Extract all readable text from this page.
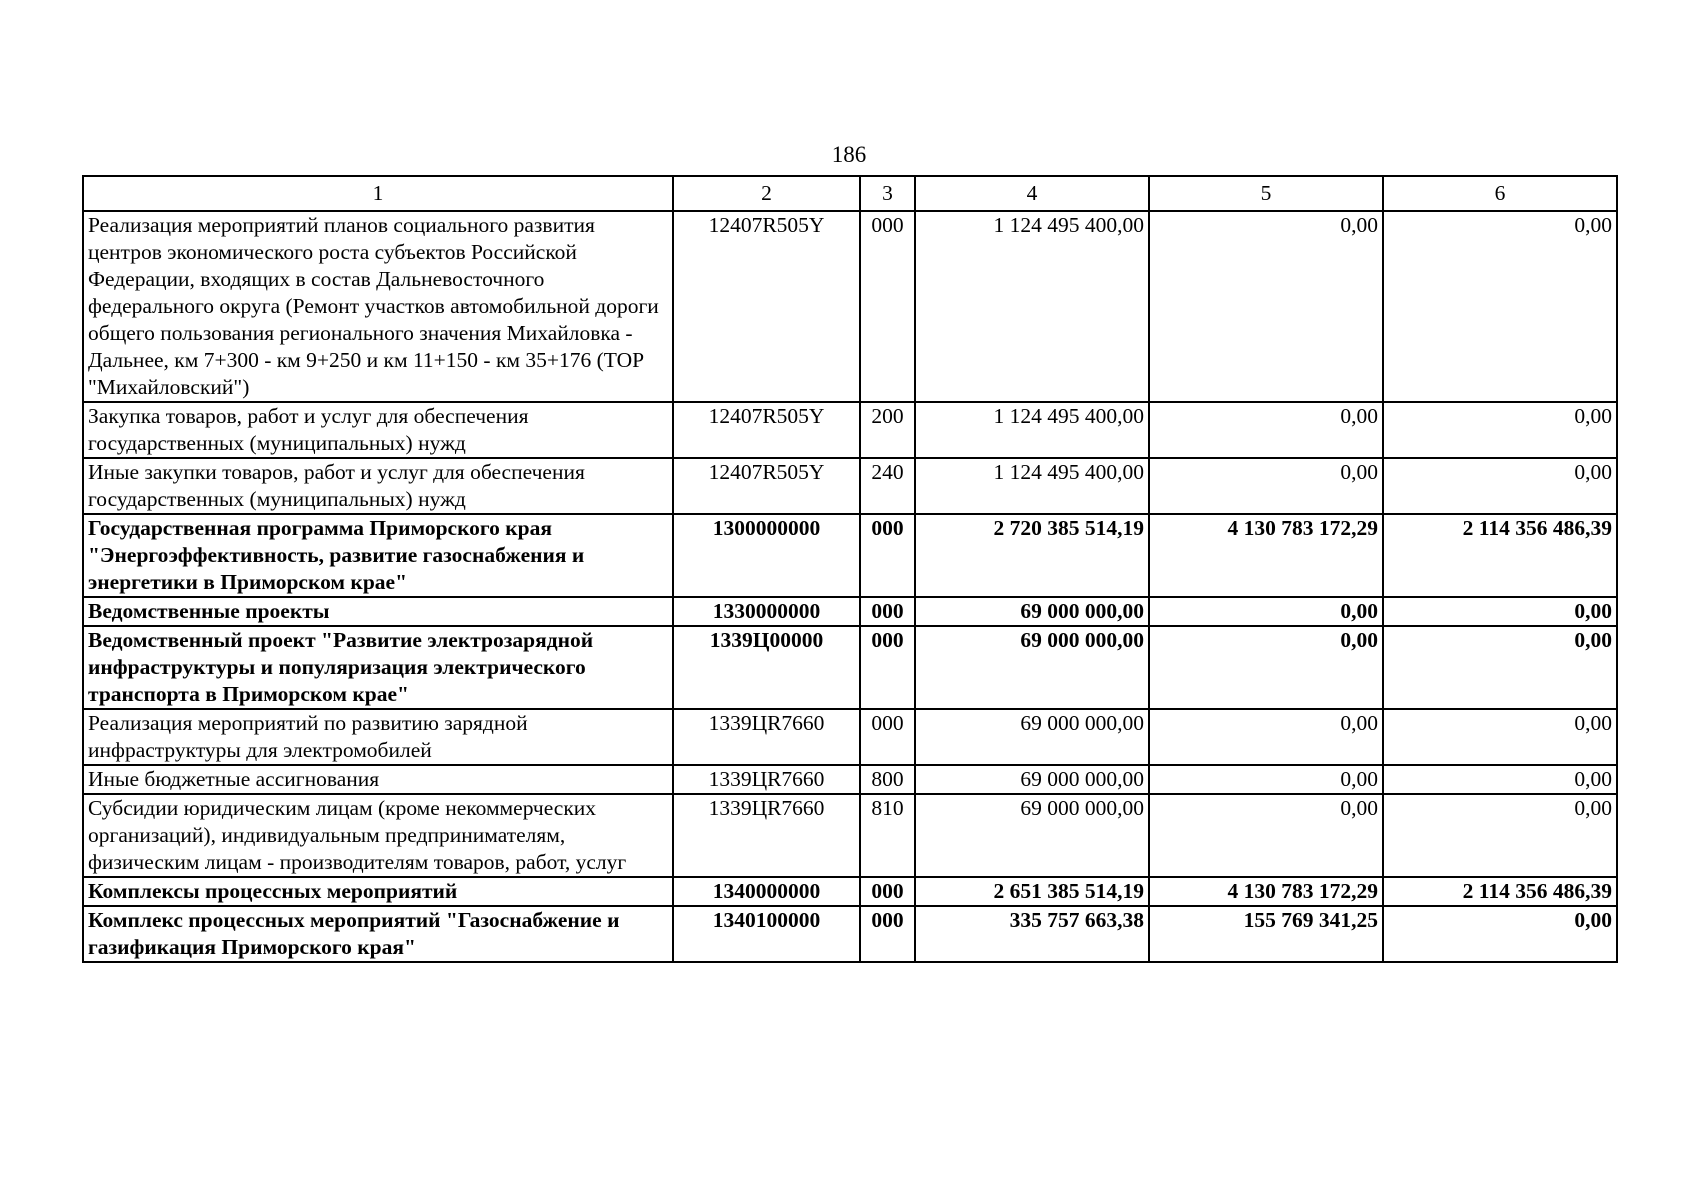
186
1	2	3	4	5	6
Реализация мероприятий планов социального развития центров экономического роста субъектов Российской Федерации, входящих в состав Дальневосточного федерального округа (Ремонт участков автомобильной дороги общего пользования регионального значения Михайловка - Дальнее, км 7+300 - км 9+250 и км 11+150 - км 35+176 (ТОР "Михайловский")	12407R505Y	000	1 124 495 400,00	0,00	0,00
Закупка товаров, работ и услуг для обеспечения государственных (муниципальных) нужд	12407R505Y	200	1 124 495 400,00	0,00	0,00
Иные закупки товаров, работ и услуг для обеспечения государственных (муниципальных) нужд	12407R505Y	240	1 124 495 400,00	0,00	0,00
Государственная программа Приморского края "Энергоэффективность, развитие газоснабжения и энергетики в Приморском крае"	1300000000	000	2 720 385 514,19	4 130 783 172,29	2 114 356 486,39
Ведомственные проекты	1330000000	000	69 000 000,00	0,00	0,00
Ведомственный проект "Развитие электрозарядной инфраструктуры и популяризация электрического транспорта в Приморском крае"	1339Ц00000	000	69 000 000,00	0,00	0,00
Реализация мероприятий по развитию зарядной инфраструктуры для электромобилей	1339ЦR7660	000	69 000 000,00	0,00	0,00
Иные бюджетные ассигнования	1339ЦR7660	800	69 000 000,00	0,00	0,00
Субсидии юридическим лицам (кроме некоммерческих организаций), индивидуальным предпринимателям, физическим лицам - производителям товаров, работ, услуг	1339ЦR7660	810	69 000 000,00	0,00	0,00
Комплексы процессных мероприятий	1340000000	000	2 651 385 514,19	4 130 783 172,29	2 114 356 486,39
Комплекс процессных мероприятий "Газоснабжение и газификация Приморского края"	1340100000	000	335 757 663,38	155 769 341,25	0,00
